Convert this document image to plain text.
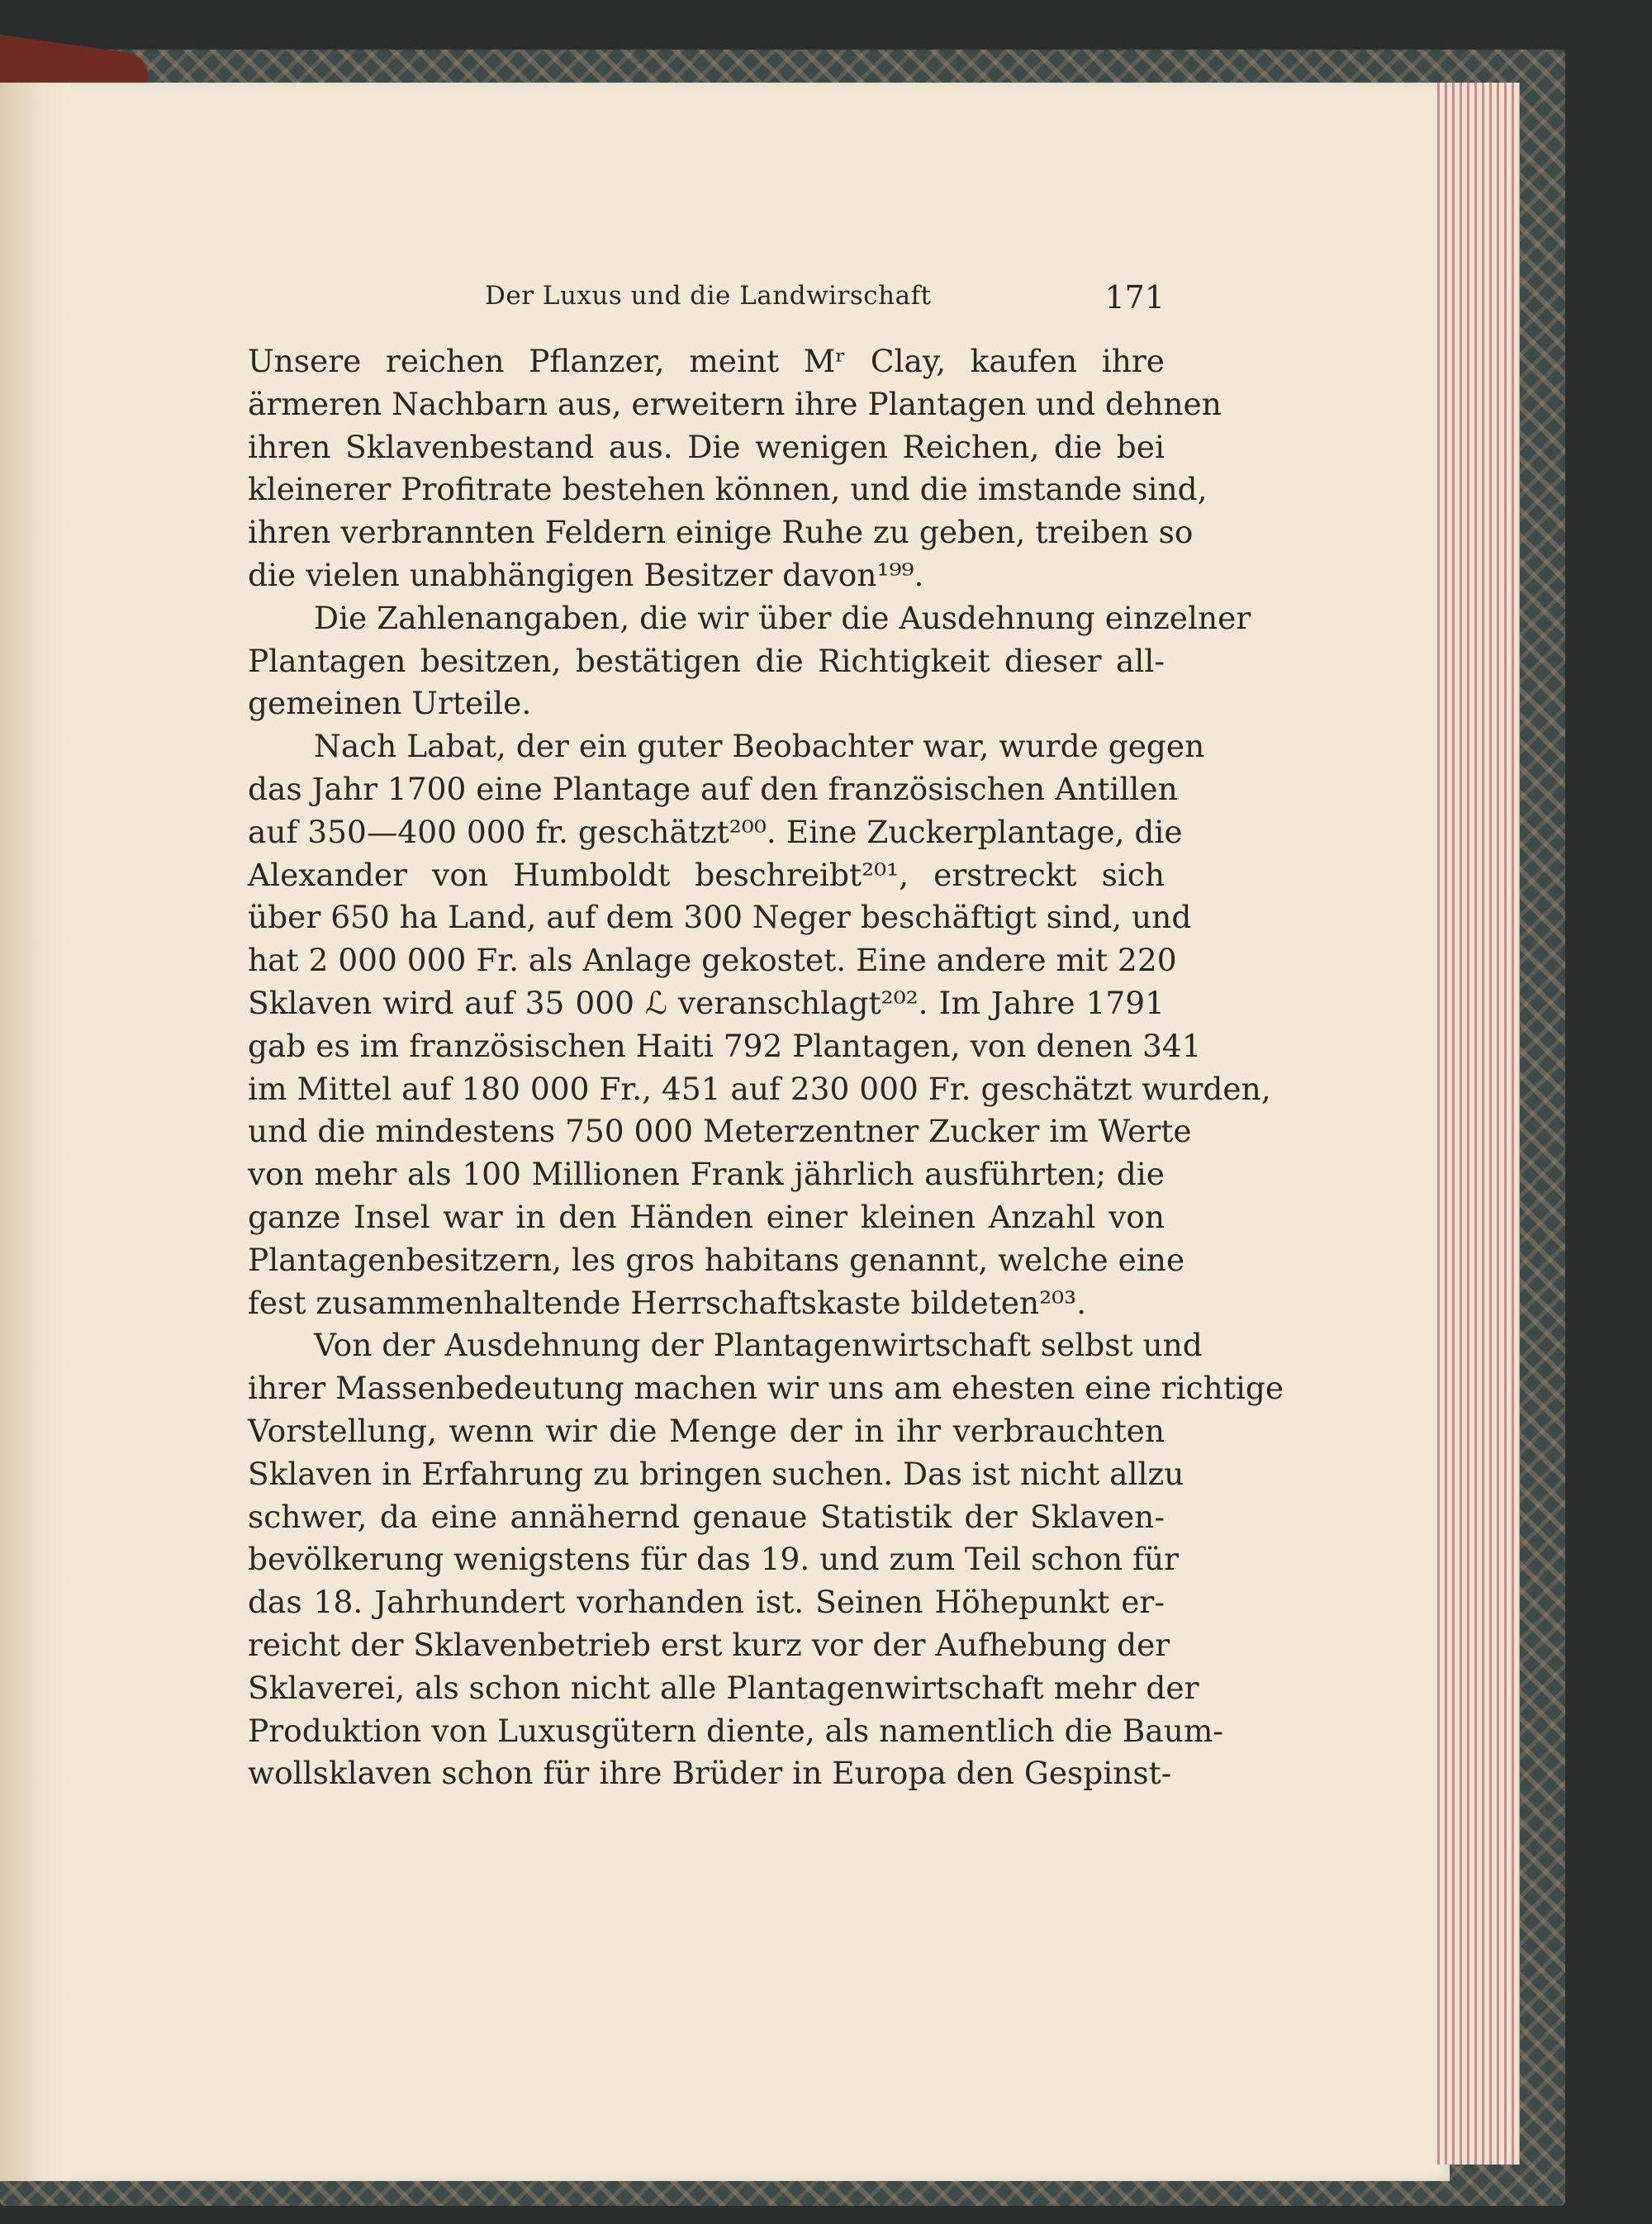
Der Luxus und die Landwirschaft	171
Unsere reichen Pflanzer, meint Mʳ Clay, kaufen ihre
ärmeren Nachbarn aus, erweitern ihre Plantagen und dehnen
ihren Sklavenbestand aus. Die wenigen Reichen, die bei
kleinerer Profitrate bestehen können, und die imstande sind,
ihren verbrannten Feldern einige Ruhe zu geben, treiben so
die vielen unabhängigen Besitzer davon¹⁹⁹.
Die Zahlenangaben, die wir über die Ausdehnung einzelner
Plantagen besitzen, bestätigen die Richtigkeit dieser all-
gemeinen Urteile.
Nach Labat, der ein guter Beobachter war, wurde gegen
das Jahr 1700 eine Plantage auf den französischen Antillen
auf 350—400 000 fr. geschätzt²⁰⁰. Eine Zuckerplantage, die
Alexander von Humboldt beschreibt²⁰¹, erstreckt sich
über 650 ha Land, auf dem 300 Neger beschäftigt sind, und
hat 2 000 000 Fr. als Anlage gekostet. Eine andere mit 220
Sklaven wird auf 35 000 ℒ veranschlagt²⁰². Im Jahre 1791
gab es im französischen Haiti 792 Plantagen, von denen 341
im Mittel auf 180 000 Fr., 451 auf 230 000 Fr. geschätzt wurden,
und die mindestens 750 000 Meterzentner Zucker im Werte
von mehr als 100 Millionen Frank jährlich ausführten; die
ganze Insel war in den Händen einer kleinen Anzahl von
Plantagenbesitzern, les gros habitans genannt, welche eine
fest zusammenhaltende Herrschaftskaste bildeten²⁰³.
Von der Ausdehnung der Plantagenwirtschaft selbst und
ihrer Massenbedeutung machen wir uns am ehesten eine richtige
Vorstellung, wenn wir die Menge der in ihr verbrauchten
Sklaven in Erfahrung zu bringen suchen. Das ist nicht allzu
schwer, da eine annähernd genaue Statistik der Sklaven-
bevölkerung wenigstens für das 19. und zum Teil schon für
das 18. Jahrhundert vorhanden ist. Seinen Höhepunkt er-
reicht der Sklavenbetrieb erst kurz vor der Aufhebung der
Sklaverei, als schon nicht alle Plantagenwirtschaft mehr der
Produktion von Luxusgütern diente, als namentlich die Baum-
wollsklaven schon für ihre Brüder in Europa den Gespinst-
